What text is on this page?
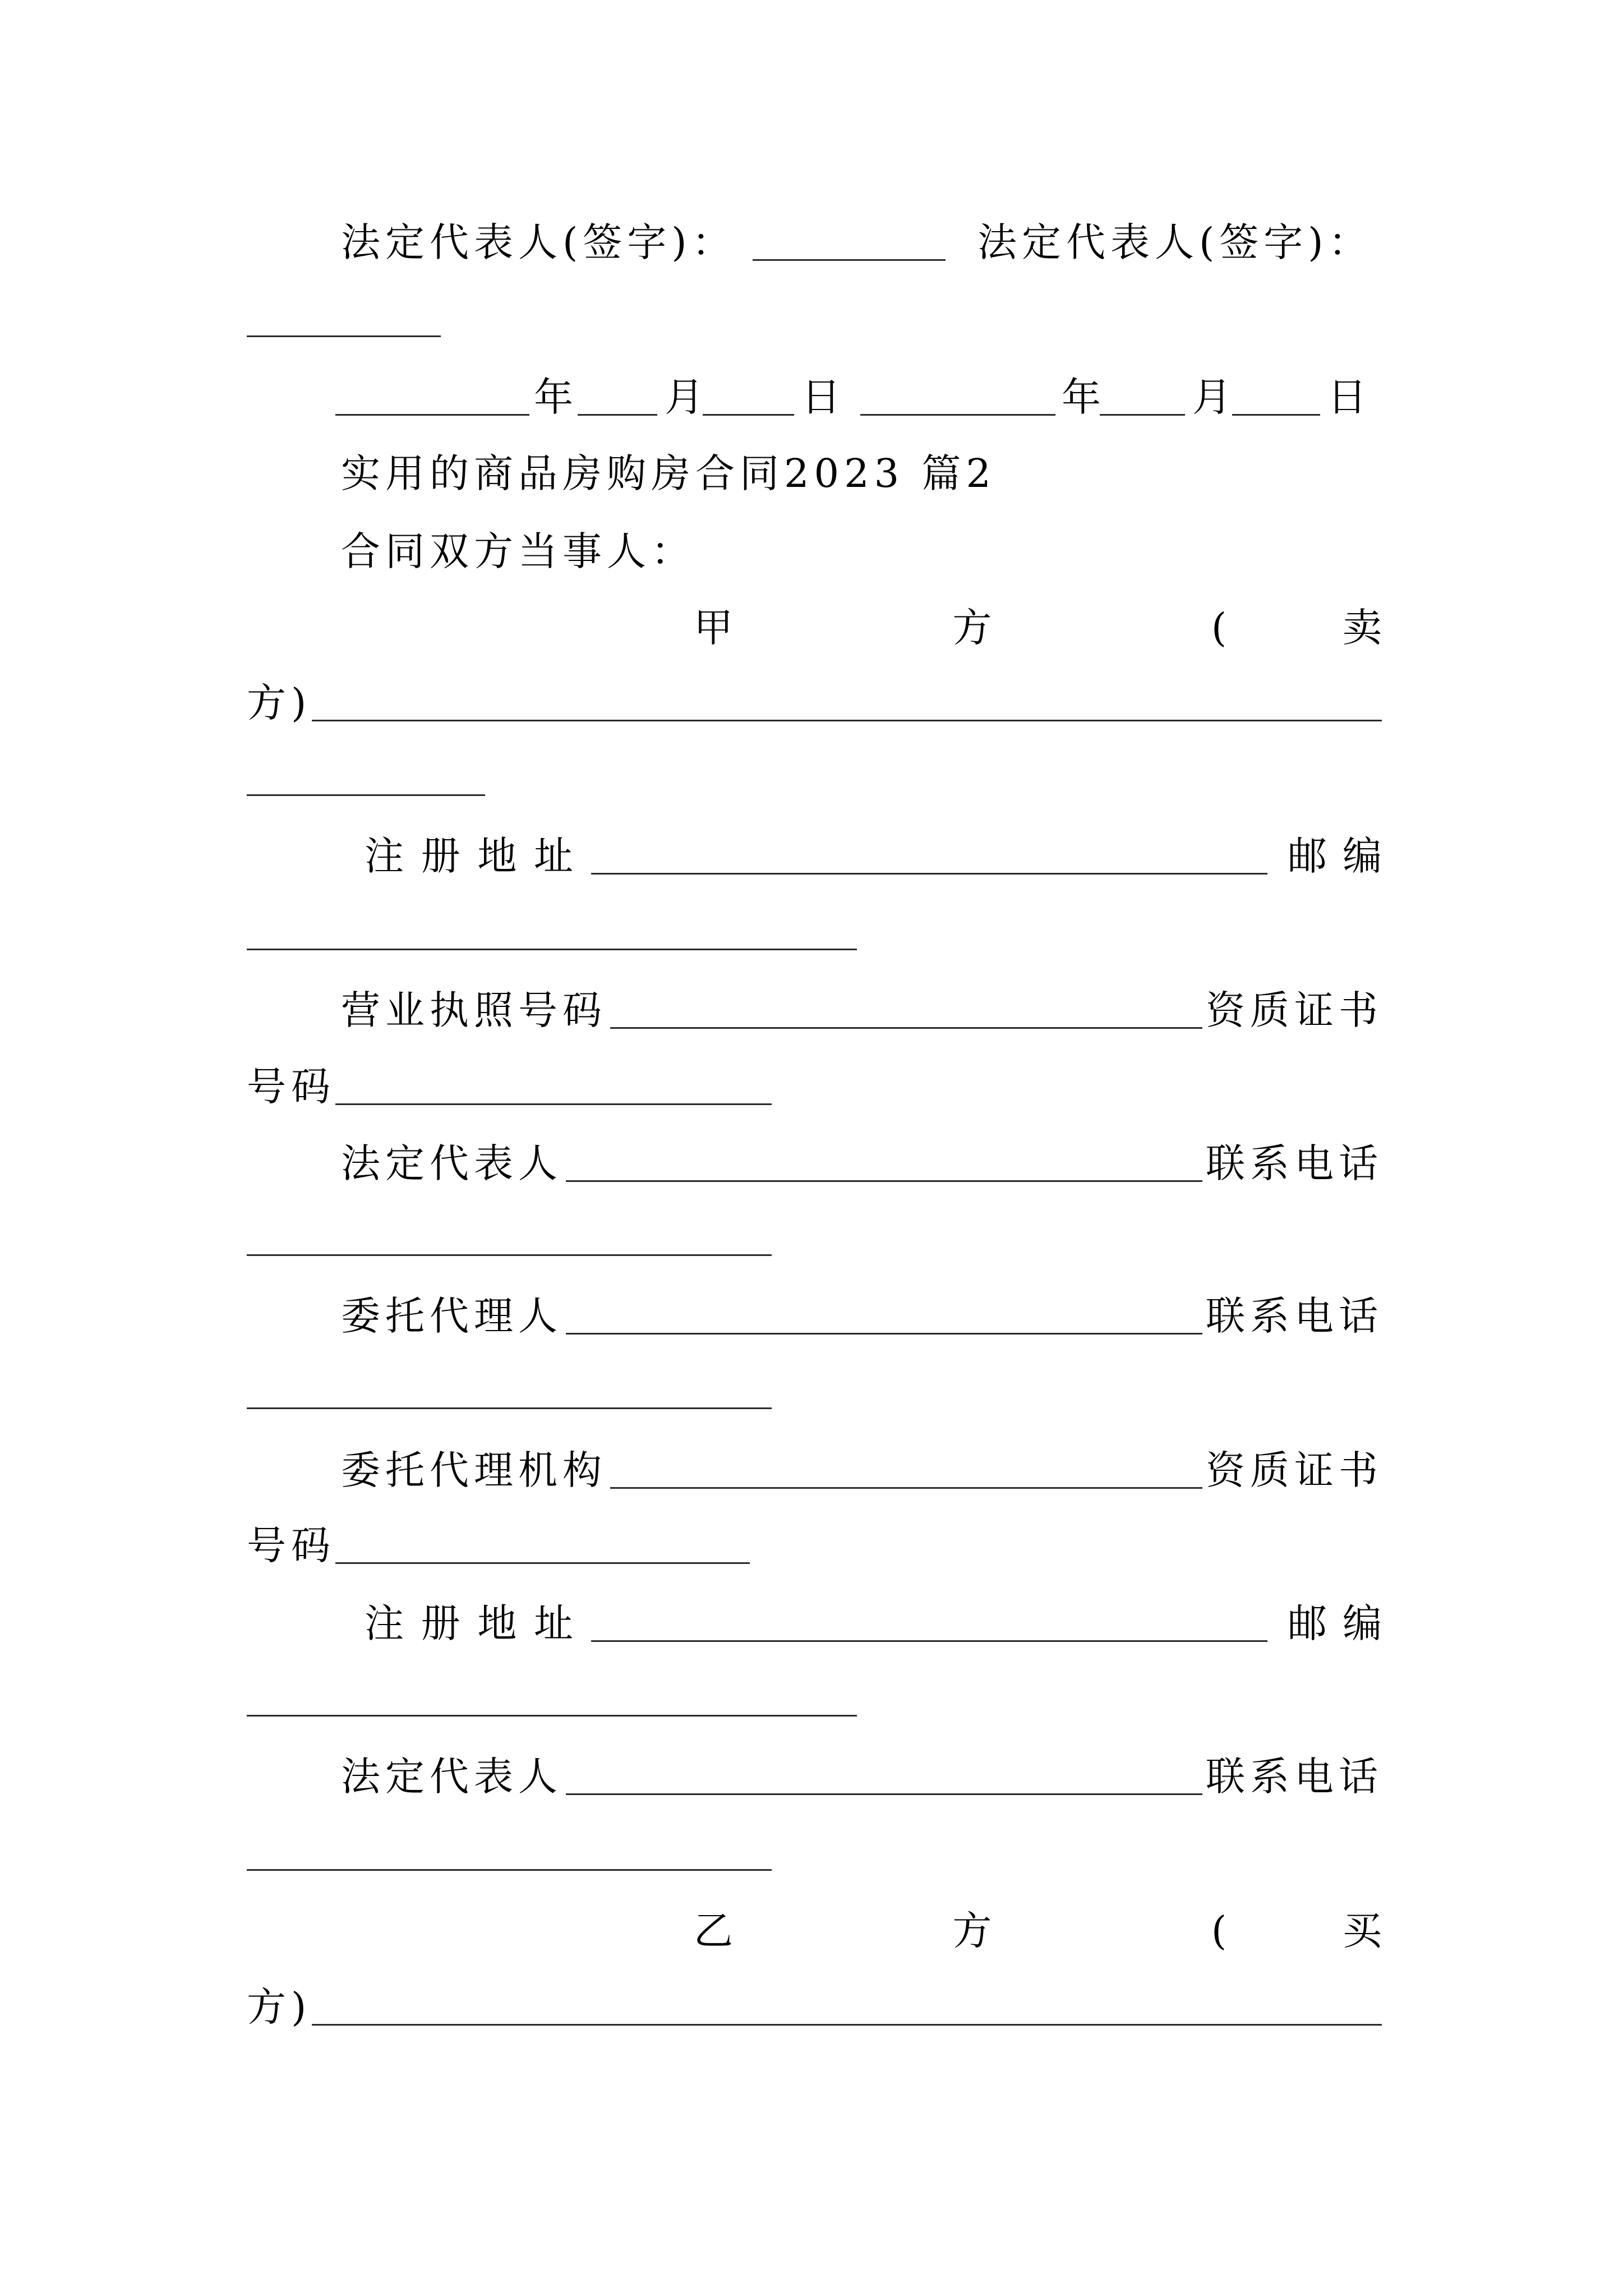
法定代表人(签字)：	法定代表人(签字)：
年 月 日	年 月 日
实用的商品房购房合同2023 篇2
合同双方当事人：
甲 方 ( 卖
方)
注 册 地 址	邮 编
营业执照号码	资质证书
号码
法定代表人	联系电话
委托代理人	联系电话
委托代理机构	资质证书
号码
注 册 地 址	邮 编
法定代表人	联系电话
乙 方 ( 买
方)
